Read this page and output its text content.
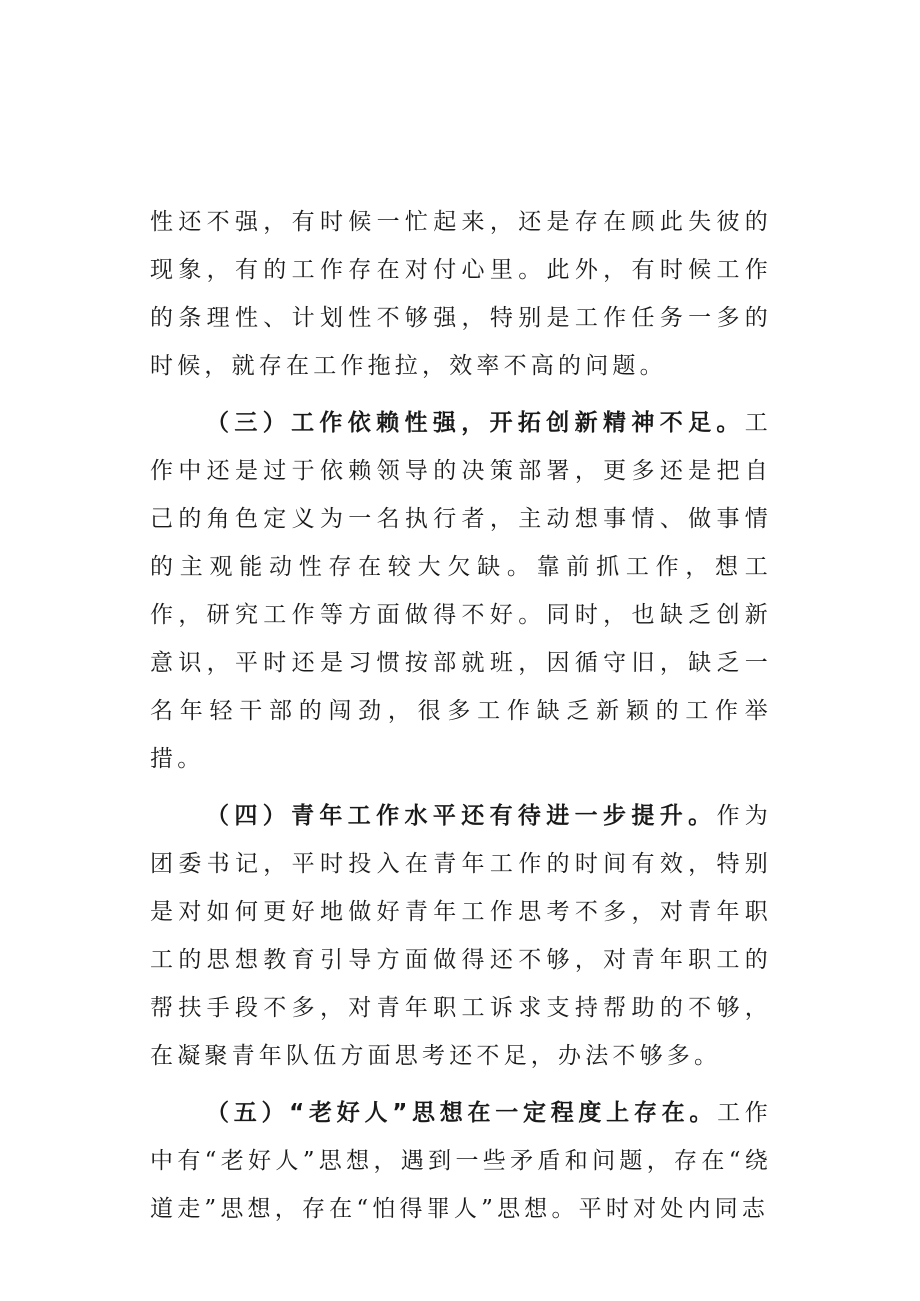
性还不强，有时候一忙起来，还是存在顾此失彼的现象，有的工作存在对付心里。此外，有时候工作的条理性、计划性不够强，特别是工作任务一多的时候，就存在工作拖拉，效率不高的问题。

（三）工作依赖性强，开拓创新精神不足。工作中还是过于依赖领导的决策部署，更多还是把自己的角色定义为一名执行者，主动想事情、做事情的主观能动性存在较大欠缺。靠前抓工作，想工作，研究工作等方面做得不好。同时，也缺乏创新意识，平时还是习惯按部就班，因循守旧，缺乏一名年轻干部的闯劲，很多工作缺乏新颖的工作举措。

（四）青年工作水平还有待进一步提升。作为团委书记，平时投入在青年工作的时间有效，特别是对如何更好地做好青年工作思考不多，对青年职工的思想教育引导方面做得还不够，对青年职工的帮扶手段不多，对青年职工诉求支持帮助的不够，在凝聚青年队伍方面思考还不足，办法不够多。

（五）“老好人”思想在一定程度上存在。工作中有“老好人”思想，遇到一些矛盾和问题，存在“绕道走”思想，存在“怕得罪人”思想。平时对处内同志
